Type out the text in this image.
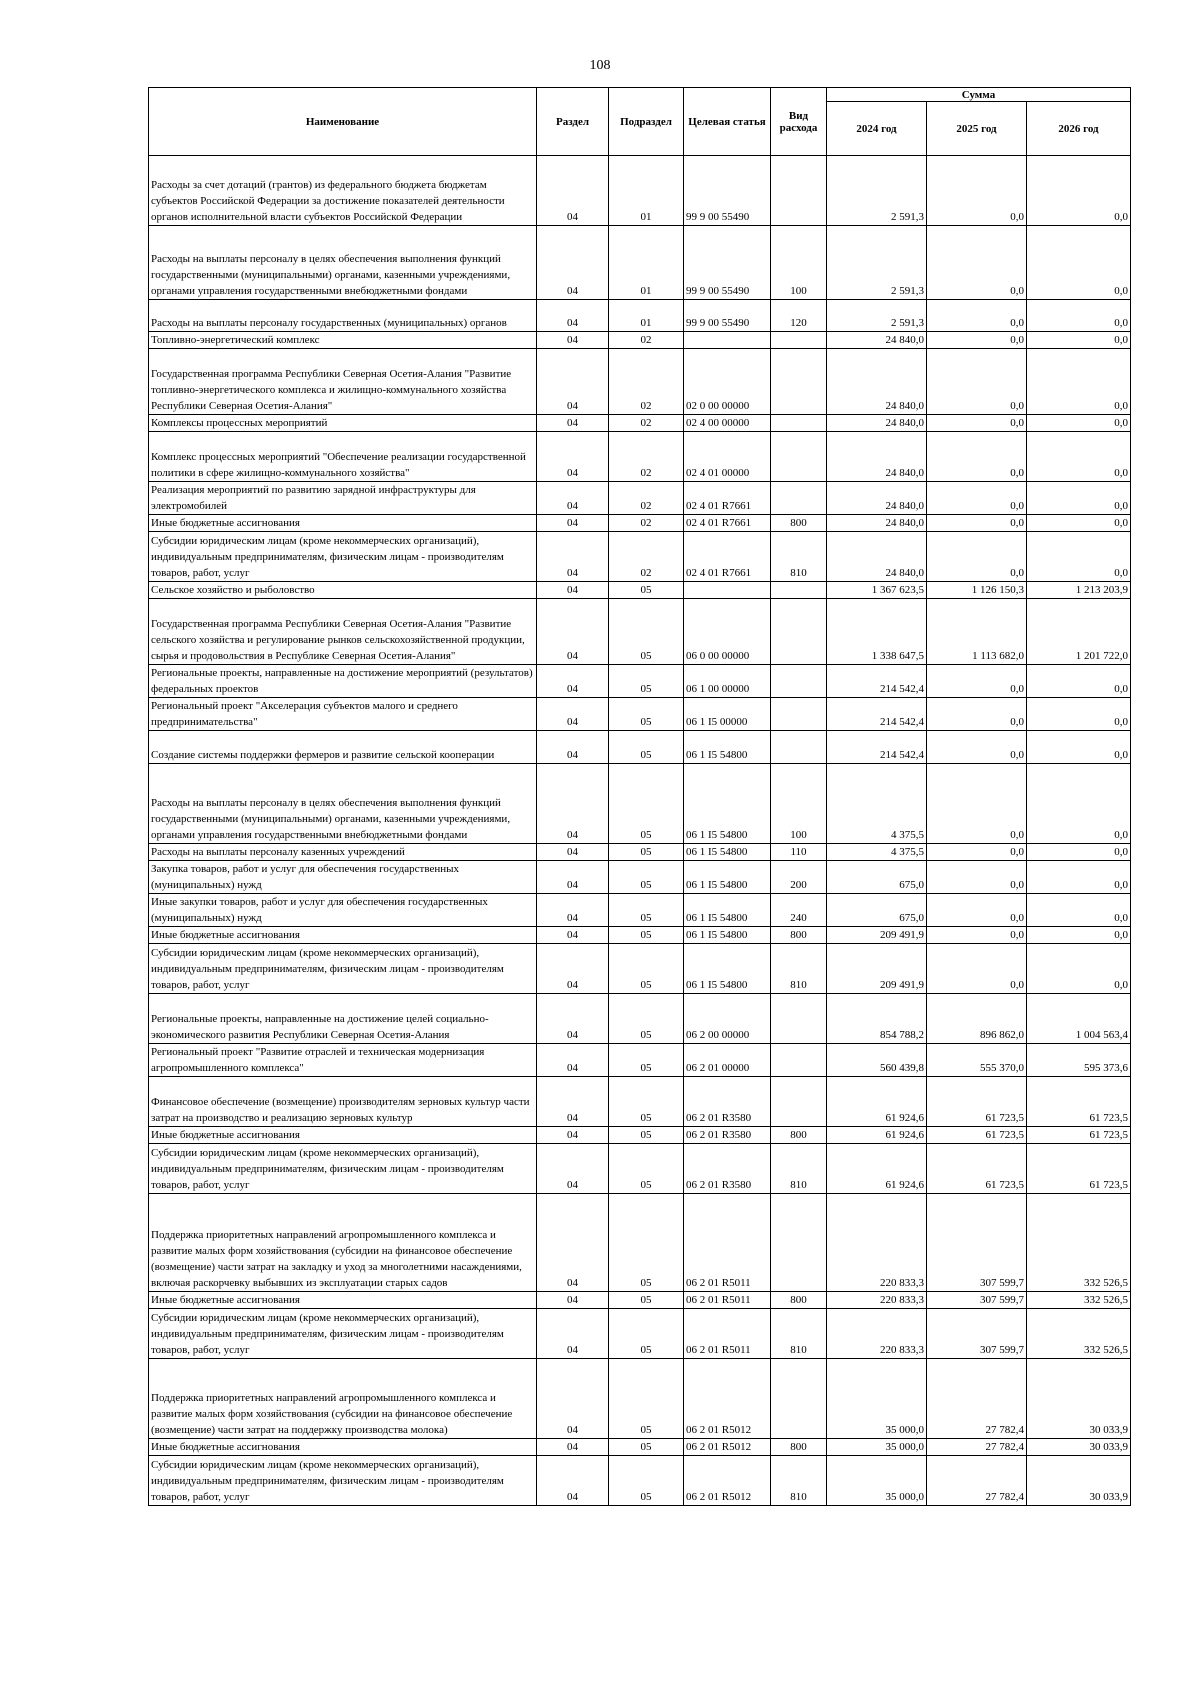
108
Наименование	Раздел	Подраздел	Целевая статья	Вид расхода	Сумма		
					2024 год	2025 год	2026 год
Расходы за счет дотаций (грантов) из федерального бюджета бюджетам субъектов Российской Федерации за достижение показателей деятельности органов исполнительной власти субъектов Российской Федерации	04	01	99 9 00 55490		2 591,3	0,0	0,0
Расходы на выплаты персоналу в целях обеспечения выполнения функций государственными (муниципальными) органами, казенными учреждениями, органами управления государственными внебюджетными фондами	04	01	99 9 00 55490	100	2 591,3	0,0	0,0
Расходы на выплаты персоналу государственных (муниципальных) органов	04	01	99 9 00 55490	120	2 591,3	0,0	0,0
Топливно-энергетический комплекс	04	02			24 840,0	0,0	0,0
Государственная программа Республики Северная Осетия-Алания "Развитие топливно-энергетического комплекса и жилищно-коммунального хозяйства Республики Северная Осетия-Алания"	04	02	02 0 00 00000		24 840,0	0,0	0,0
Комплексы процессных мероприятий	04	02	02 4 00 00000		24 840,0	0,0	0,0
Комплекс процессных мероприятий "Обеспечение реализации государственной политики в сфере жилищно-коммунального хозяйства"	04	02	02 4 01 00000		24 840,0	0,0	0,0
Реализация мероприятий по развитию зарядной инфраструктуры для электромобилей	04	02	02 4 01 R7661		24 840,0	0,0	0,0
Иные бюджетные ассигнования	04	02	02 4 01 R7661	800	24 840,0	0,0	0,0
Субсидии юридическим лицам (кроме некоммерческих организаций), индивидуальным предпринимателям, физическим лицам - производителям товаров, работ, услуг	04	02	02 4 01 R7661	810	24 840,0	0,0	0,0
Сельское хозяйство и рыболовство	04	05			1 367 623,5	1 126 150,3	1 213 203,9
Государственная программа Республики Северная Осетия-Алания "Развитие сельского хозяйства и регулирование рынков сельскохозяйственной продукции, сырья и продовольствия в Республике Северная Осетия-Алания"	04	05	06 0 00 00000		1 338 647,5	1 113 682,0	1 201 722,0
Региональные проекты, направленные на достижение мероприятий (результатов) федеральных проектов	04	05	06 1 00 00000		214 542,4	0,0	0,0
Региональный проект "Акселерация субъектов малого и среднего предпринимательства"	04	05	06 1 I5 00000		214 542,4	0,0	0,0
Создание системы поддержки фермеров и развитие сельской кооперации	04	05	06 1 I5 54800		214 542,4	0,0	0,0
Расходы на выплаты персоналу в целях обеспечения выполнения функций государственными (муниципальными) органами, казенными учреждениями, органами управления государственными внебюджетными фондами	04	05	06 1 I5 54800	100	4 375,5	0,0	0,0
Расходы на выплаты персоналу казенных учреждений	04	05	06 1 I5 54800	110	4 375,5	0,0	0,0
Закупка товаров, работ и услуг для обеспечения государственных (муниципальных) нужд	04	05	06 1 I5 54800	200	675,0	0,0	0,0
Иные закупки товаров, работ и услуг для обеспечения государственных (муниципальных) нужд	04	05	06 1 I5 54800	240	675,0	0,0	0,0
Иные бюджетные ассигнования	04	05	06 1 I5 54800	800	209 491,9	0,0	0,0
Субсидии юридическим лицам (кроме некоммерческих организаций), индивидуальным предпринимателям, физическим лицам - производителям товаров, работ, услуг	04	05	06 1 I5 54800	810	209 491,9	0,0	0,0
Региональные проекты, направленные на достижение целей социально-экономического развития Республики Северная Осетия-Алания	04	05	06 2 00 00000		854 788,2	896 862,0	1 004 563,4
Региональный проект "Развитие отраслей и техническая модернизация агропромышленного комплекса"	04	05	06 2 01 00000		560 439,8	555 370,0	595 373,6
Финансовое обеспечение (возмещение) производителям зерновых культур части затрат на производство и реализацию зерновых культур	04	05	06 2 01 R3580		61 924,6	61 723,5	61 723,5
Иные бюджетные ассигнования	04	05	06 2 01 R3580	800	61 924,6	61 723,5	61 723,5
Субсидии юридическим лицам (кроме некоммерческих организаций), индивидуальным предпринимателям, физическим лицам - производителям товаров, работ, услуг	04	05	06 2 01 R3580	810	61 924,6	61 723,5	61 723,5
Поддержка приоритетных направлений агропромышленного комплекса и развитие малых форм хозяйствования (субсидии на финансовое обеспечение (возмещение) части затрат на закладку и уход за многолетними насаждениями, включая раскорчевку выбывших из эксплуатации старых садов	04	05	06 2 01 R5011		220 833,3	307 599,7	332 526,5
Иные бюджетные ассигнования	04	05	06 2 01 R5011	800	220 833,3	307 599,7	332 526,5
Субсидии юридическим лицам (кроме некоммерческих организаций), индивидуальным предпринимателям, физическим лицам - производителям товаров, работ, услуг	04	05	06 2 01 R5011	810	220 833,3	307 599,7	332 526,5
Поддержка приоритетных направлений агропромышленного комплекса и развитие малых форм хозяйствования (субсидии на финансовое обеспечение (возмещение) части затрат на поддержку производства молока)	04	05	06 2 01 R5012		35 000,0	27 782,4	30 033,9
Иные бюджетные ассигнования	04	05	06 2 01 R5012	800	35 000,0	27 782,4	30 033,9
Субсидии юридическим лицам (кроме некоммерческих организаций), индивидуальным предпринимателям, физическим лицам - производителям товаров, работ, услуг	04	05	06 2 01 R5012	810	35 000,0	27 782,4	30 033,9
